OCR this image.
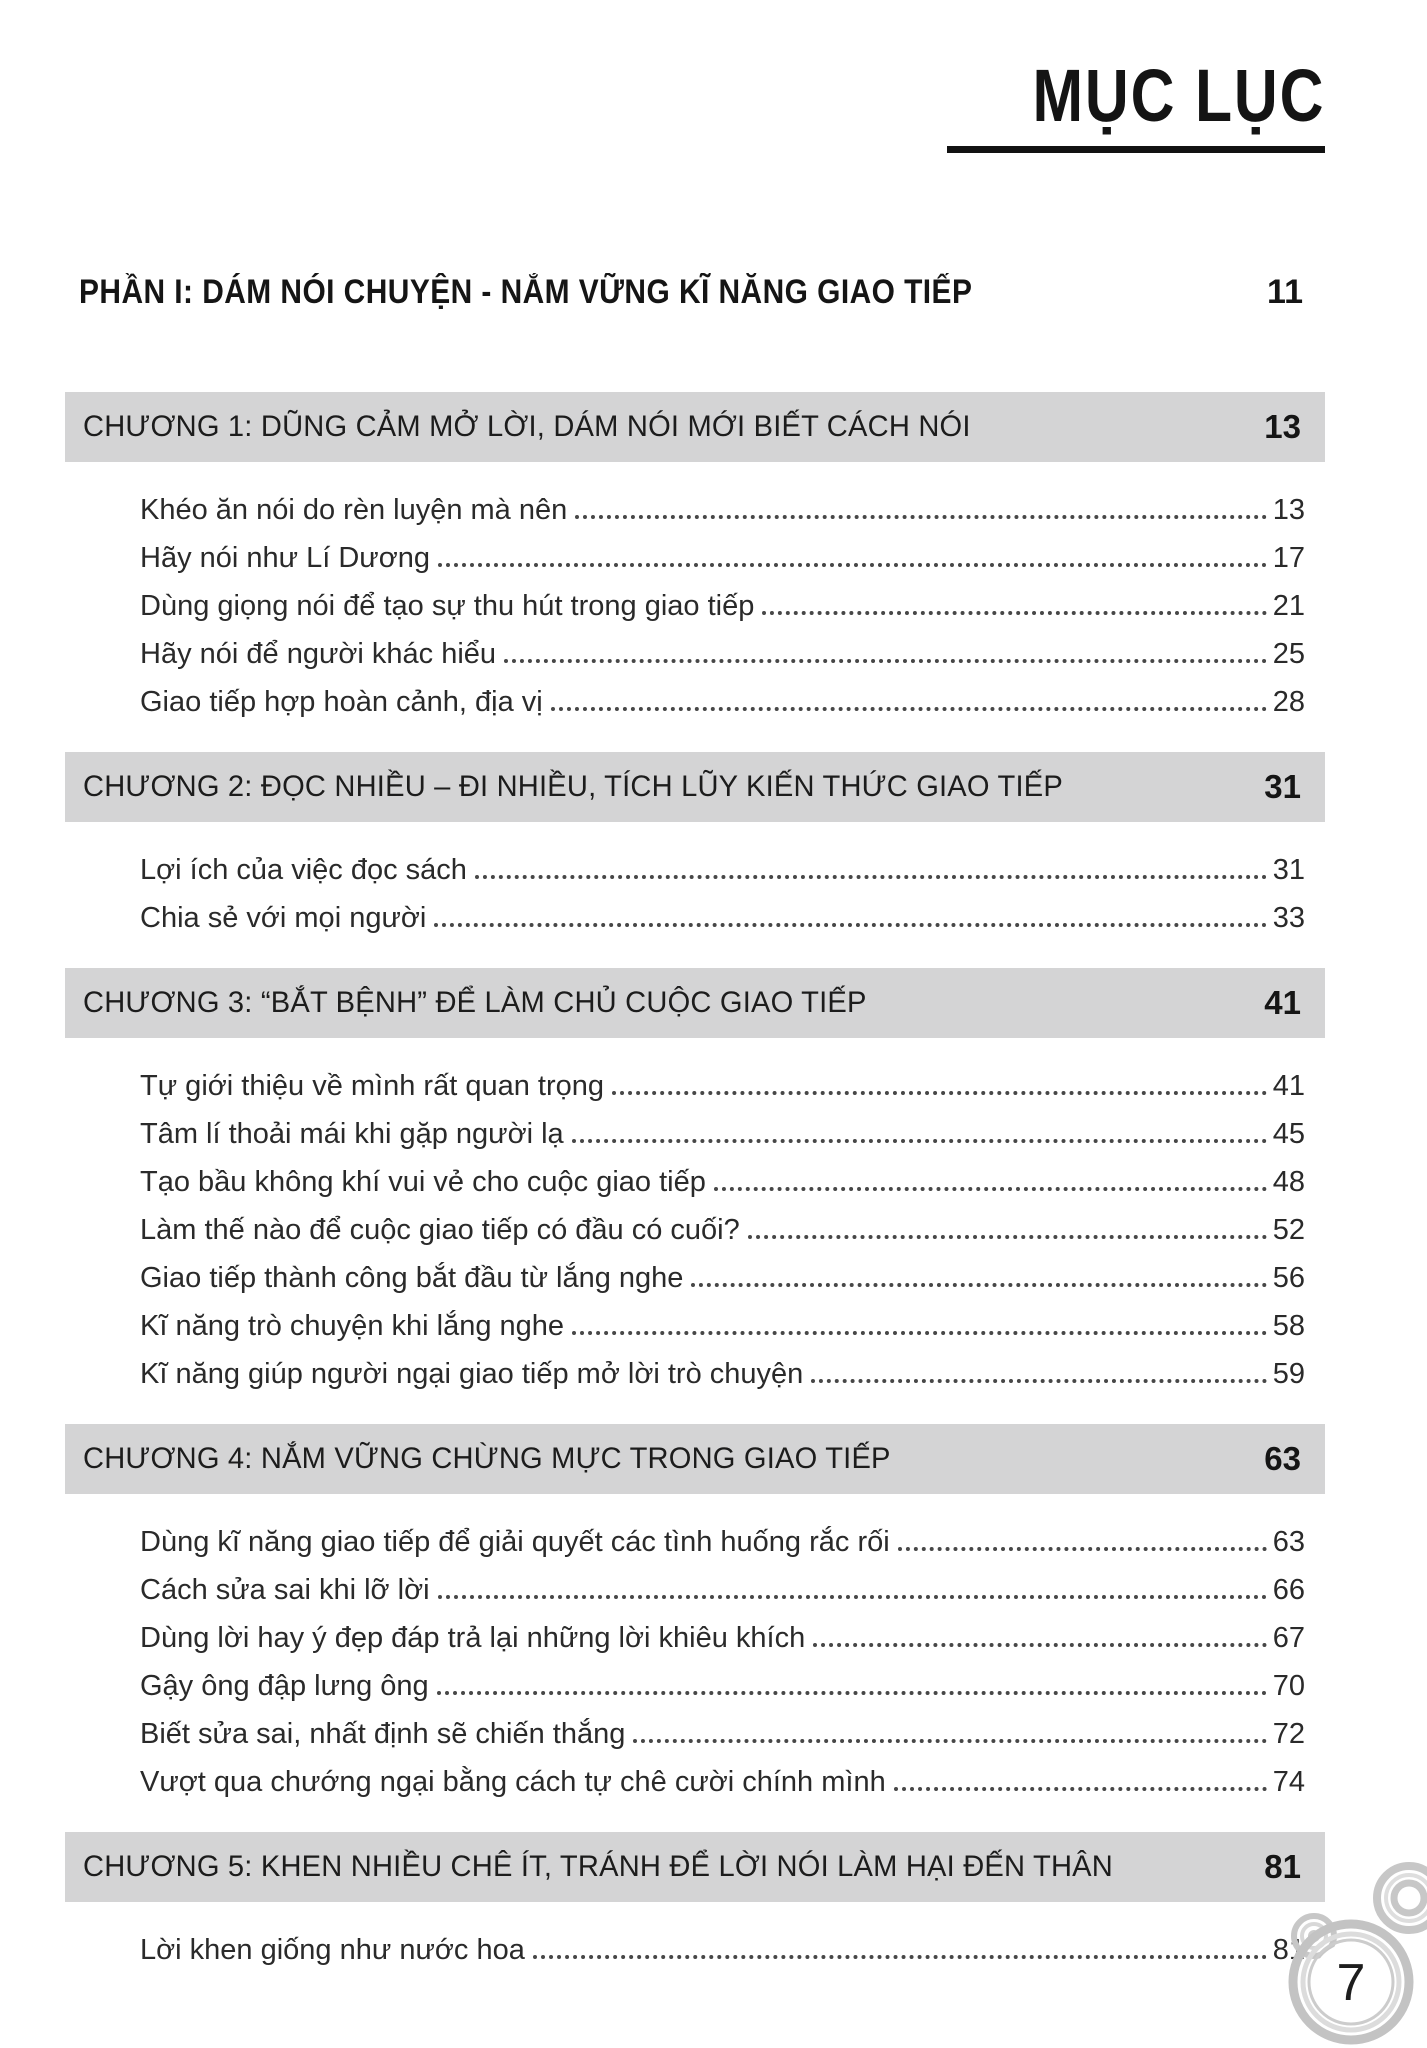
MỤC LỤC
PHẦN I: DÁM NÓI CHUYỆN - NẮM VỮNG KĨ NĂNG GIAO TIẾP	11
CHƯƠNG 1: DŨNG CẢM MỞ LỜI, DÁM NÓI MỚI BIẾT CÁCH NÓI	13
Khéo ăn nói do rèn luyện mà nên	13
Hãy nói như Lí Dương	17
Dùng giọng nói để tạo sự thu hút trong giao tiếp	21
Hãy nói để người khác hiểu	25
Giao tiếp hợp hoàn cảnh, địa vị	28
CHƯƠNG 2: ĐỌC NHIỀU – ĐI NHIỀU, TÍCH LŨY KIẾN THỨC GIAO TIẾP	31
Lợi ích của việc đọc sách	31
Chia sẻ với mọi người	33
CHƯƠNG 3: “BẮT BỆNH” ĐỂ LÀM CHỦ CUỘC GIAO TIẾP	41
Tự giới thiệu về mình rất quan trọng	41
Tâm lí thoải mái khi gặp người lạ	45
Tạo bầu không khí vui vẻ cho cuộc giao tiếp	48
Làm thế nào để cuộc giao tiếp có đầu có cuối?	52
Giao tiếp thành công bắt đầu từ lắng nghe	56
Kĩ năng trò chuyện khi lắng nghe	58
Kĩ năng giúp người ngại giao tiếp mở lời trò chuyện	59
CHƯƠNG 4: NẮM VỮNG CHỪNG MỰC TRONG GIAO TIẾP	63
Dùng kĩ năng giao tiếp để giải quyết các tình huống rắc rối	63
Cách sửa sai khi lỡ lời	66
Dùng lời hay ý đẹp đáp trả lại những lời khiêu khích	67
Gậy ông đập lưng ông	70
Biết sửa sai, nhất định sẽ chiến thắng	72
Vượt qua chướng ngại bằng cách tự chê cười chính mình	74
CHƯƠNG 5: KHEN NHIỀU CHÊ ÍT, TRÁNH ĐỂ LỜI NÓI LÀM HẠI ĐẾN THÂN	81
Lời khen giống như nước hoa	81
7
